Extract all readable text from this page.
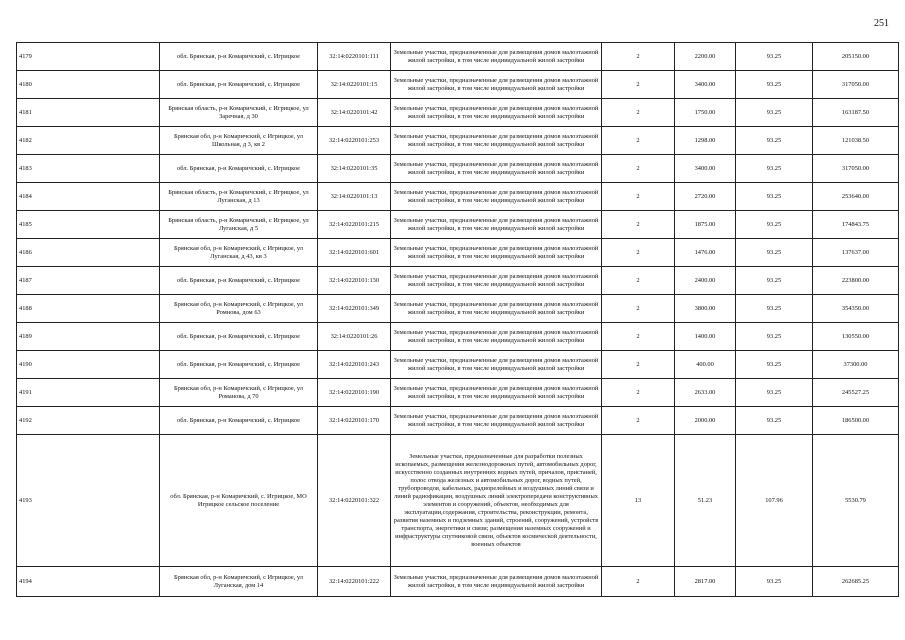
251
4179	обл. Брянская, р-н Комаричский, с. Игрицкое	32:14:0220101:111	Земельные участки, предназначенные для размещения домов малоэтажной жилой застройки, в том числе индивидуальной жилой застройки	2	2200.00	93.25	205150.00
4180	обл. Брянская, р-н Комаричский, с. Игрицкое	32:14:0220101:15	Земельные участки, предназначенные для размещения домов малоэтажной жилой застройки, в том числе индивидуальной жилой застройки	2	3400.00	93.25	317050.00
4181	Брянская область, р-н Комаричский, с Игрицкое, ул Заречная, д 30	32:14:0220101:42	Земельные участки, предназначенные для размещения домов малоэтажной жилой застройки, в том числе индивидуальной жилой застройки	2	1750.00	93.25	163187.50
4182	Брянская обл, р-н Комаричский, с Игрицкое, ул Школьная, д 3, кв 2	32:14:0220101:253	Земельные участки, предназначенные для размещения домов малоэтажной жилой застройки, в том числе индивидуальной жилой застройки	2	1298.00	93.25	121038.50
4183	обл. Брянская, р-н Комаричский, с. Игрицкое	32:14:0220101:35	Земельные участки, предназначенные для размещения домов малоэтажной жилой застройки, в том числе индивидуальной жилой застройки	2	3400.00	93.25	317050.00
4184	Брянская область, р-н Комаричский, с Игрицкое, ул Луганская, д 13	32:14:0220101:13	Земельные участки, предназначенные для размещения домов малоэтажной жилой застройки, в том числе индивидуальной жилой застройки	2	2720.00	93.25	253640.00
4185	Брянская область, р-н Комаричский, с Игрицкое, ул Луганская, д 5	32:14:0220101:215	Земельные участки, предназначенные для размещения домов малоэтажной жилой застройки, в том числе индивидуальной жилой застройки	2	1875.00	93.25	174843.75
4186	Брянская обл, р-н Комаричский, с Игрицкое, ул Луганская, д 43, кв 3	32:14:0220101:601	Земельные участки, предназначенные для размещения домов малоэтажной жилой застройки, в том числе индивидуальной жилой застройки	2	1476.00	93.25	137637.00
4187	обл. Брянская, р-н Комаричский, с. Игрицкое	32:14:0220101:130	Земельные участки, предназначенные для размещения домов малоэтажной жилой застройки, в том числе индивидуальной жилой застройки	2	2400.00	93.25	223800.00
4188	Брянская обл, р-н Комаричский, с Игрицкое, ул Ромнова, дом 63	32:14:0220101:349	Земельные участки, предназначенные для размещения домов малоэтажной жилой застройки, в том числе индивидуальной жилой застройки	2	3800.00	93.25	354350.00
4189	обл. Брянская, р-н Комаричский, с. Игрицкое	32:14:0220101:26	Земельные участки, предназначенные для размещения домов малоэтажной жилой застройки, в том числе индивидуальной жилой застройки	2	1400.00	93.25	130550.00
4190	обл. Брянская, р-н Комаричский, с. Игрицкое	32:14:0220101:243	Земельные участки, предназначенные для размещения домов малоэтажной жилой застройки, в том числе индивидуальной жилой застройки	2	400.00	93.25	37300.00
4191	Брянская обл, р-н Комаричский, с Игрицкое, ул Романова, д 70	32:14:0220101:190	Земельные участки, предназначенные для размещения домов малоэтажной жилой застройки, в том числе индивидуальной жилой застройки	2	2633.00	93.25	245527.25
4192	обл. Брянская, р-н Комаричский, с. Игрицкое	32:14:0220101:170	Земельные участки, предназначенные для размещения домов малоэтажной жилой застройки, в том числе индивидуальной жилой застройки	2	2000.00	93.25	186500.00
4193	обл. Брянская, р-н Комаричский, с. Игрицкое, МО Игрицкое сельское поселение	32:14:0220101:322	Земельные участки, предназначенные для разработки полезных ископаемых, размещения железнодорожных путей, автомобильных дорог, искусственно созданных внутренних водных путей, причалов, пристаней, полос отвода железных и автомобильных дорог, водных путей, трубопроводов, кабельных, радиорелейных и воздушных линий связи и линий радиофикации, воздушных линий электропередачи конструктивных элементов и сооружений, объектов, необходимых для эксплуатации,содержания, строительства, реконструкции, ремонта, развития наземных и подземных зданий, строений, сооружений, устройств транспорта, энергетики и связи; размещения наземных сооружений и инфраструктуры спутниковой связи, объектов космической деятельности, военных объектов	13	51.23	107.96	5530.79
4194	Брянская обл, р-н Комаричский, с Игрицкое, ул Луганская, дом 14	32:14:0220101:222	Земельные участки, предназначенные для размещения домов малоэтажной жилой застройки, в том числе индивидуальной жилой застройки	2	2817.00	93.25	262685.25
